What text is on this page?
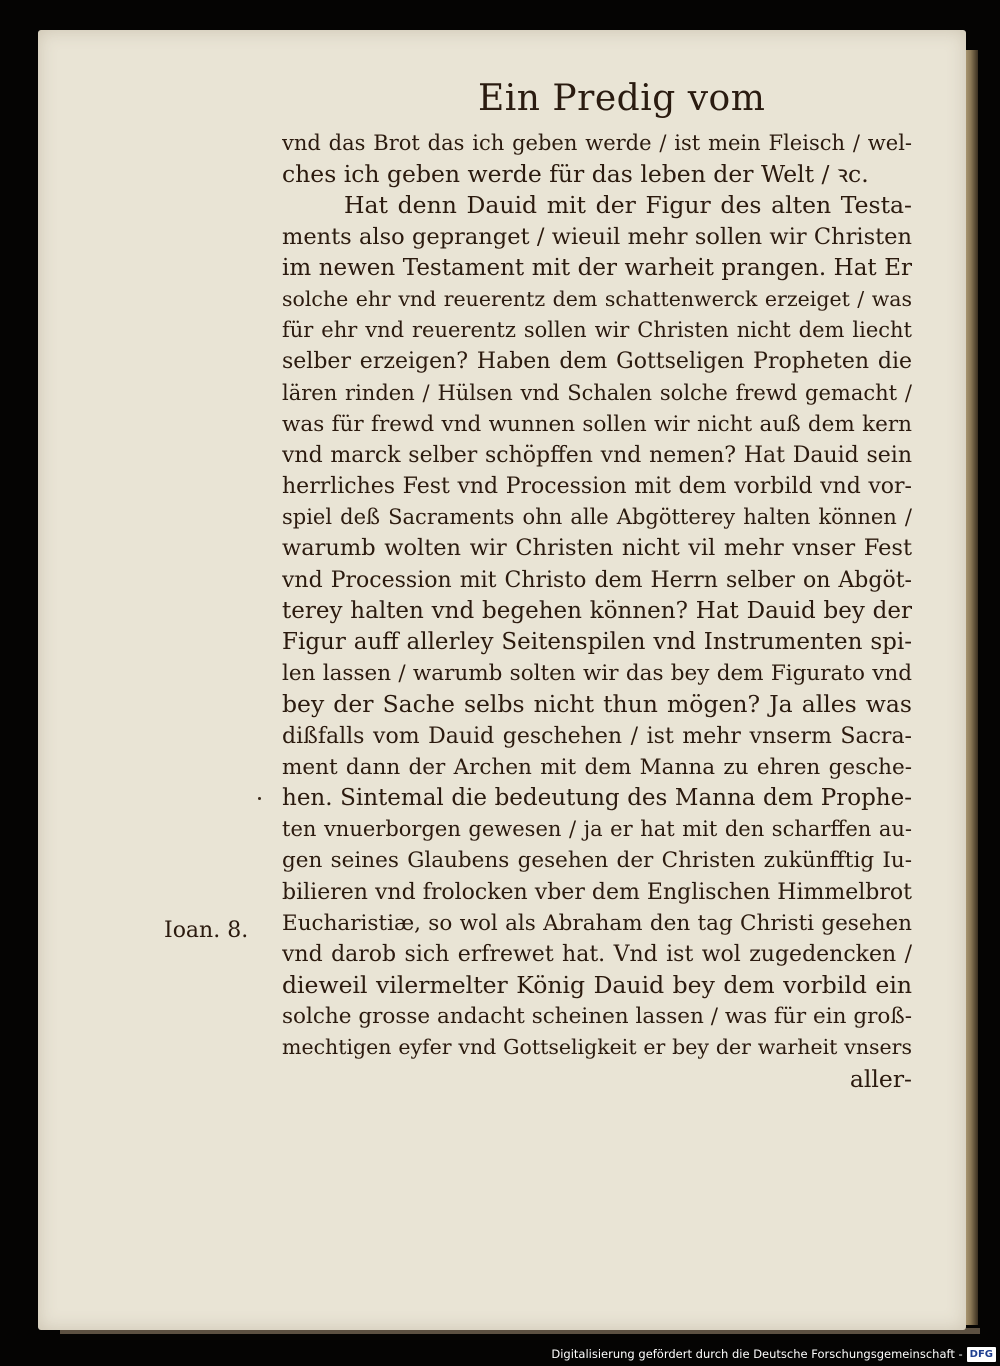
Ein Predig vom
Ioan. 8.
vnd das Brot das ich geben werde / ist mein Fleisch / wel-
ches ich geben werde für das leben der Welt / ꝛc.
Hat denn Dauid mit der Figur des alten Testa-
ments also gepranget / wieuil mehr sollen wir Christen
im newen Testament mit der warheit prangen. Hat Er
solche ehr vnd reuerentz dem schattenwerck erzeiget / was
für ehr vnd reuerentz sollen wir Christen nicht dem liecht
selber erzeigen? Haben dem Gottseligen Propheten die
lären rinden / Hülsen vnd Schalen solche frewd gemacht /
was für frewd vnd wunnen sollen wir nicht auß dem kern
vnd marck selber schöpffen vnd nemen? Hat Dauid sein
herrliches Fest vnd Procession mit dem vorbild vnd vor-
spiel deß Sacraments ohn alle Abgötterey halten können /
warumb wolten wir Christen nicht vil mehr vnser Fest
vnd Procession mit Christo dem Herrn selber on Abgöt-
terey halten vnd begehen können? Hat Dauid bey der
Figur auff allerley Seitenspilen vnd Instrumenten spi-
len lassen / warumb solten wir das bey dem Figurato vnd
bey der Sache selbs nicht thun mögen? Ja alles was
dißfalls vom Dauid geschehen / ist mehr vnserm Sacra-
ment dann der Archen mit dem Manna zu ehren gesche-
hen. Sintemal die bedeutung des Manna dem Prophe-
ten vnuerborgen gewesen / ja er hat mit den scharffen au-
gen seines Glaubens gesehen der Christen zukünfftig Iu-
bilieren vnd frolocken vber dem Englischen Himmelbrot
Eucharistiæ, so wol als Abraham den tag Christi gesehen
vnd darob sich erfrewet hat. Vnd ist wol zugedencken /
dieweil vilermelter König Dauid bey dem vorbild ein
solche grosse andacht scheinen lassen / was für ein groß-
mechtigen eyfer vnd Gottseligkeit er bey der warheit vnsers
aller-
Digitalisierung gefördert durch die Deutsche Forschungsgemeinschaft - DFG
